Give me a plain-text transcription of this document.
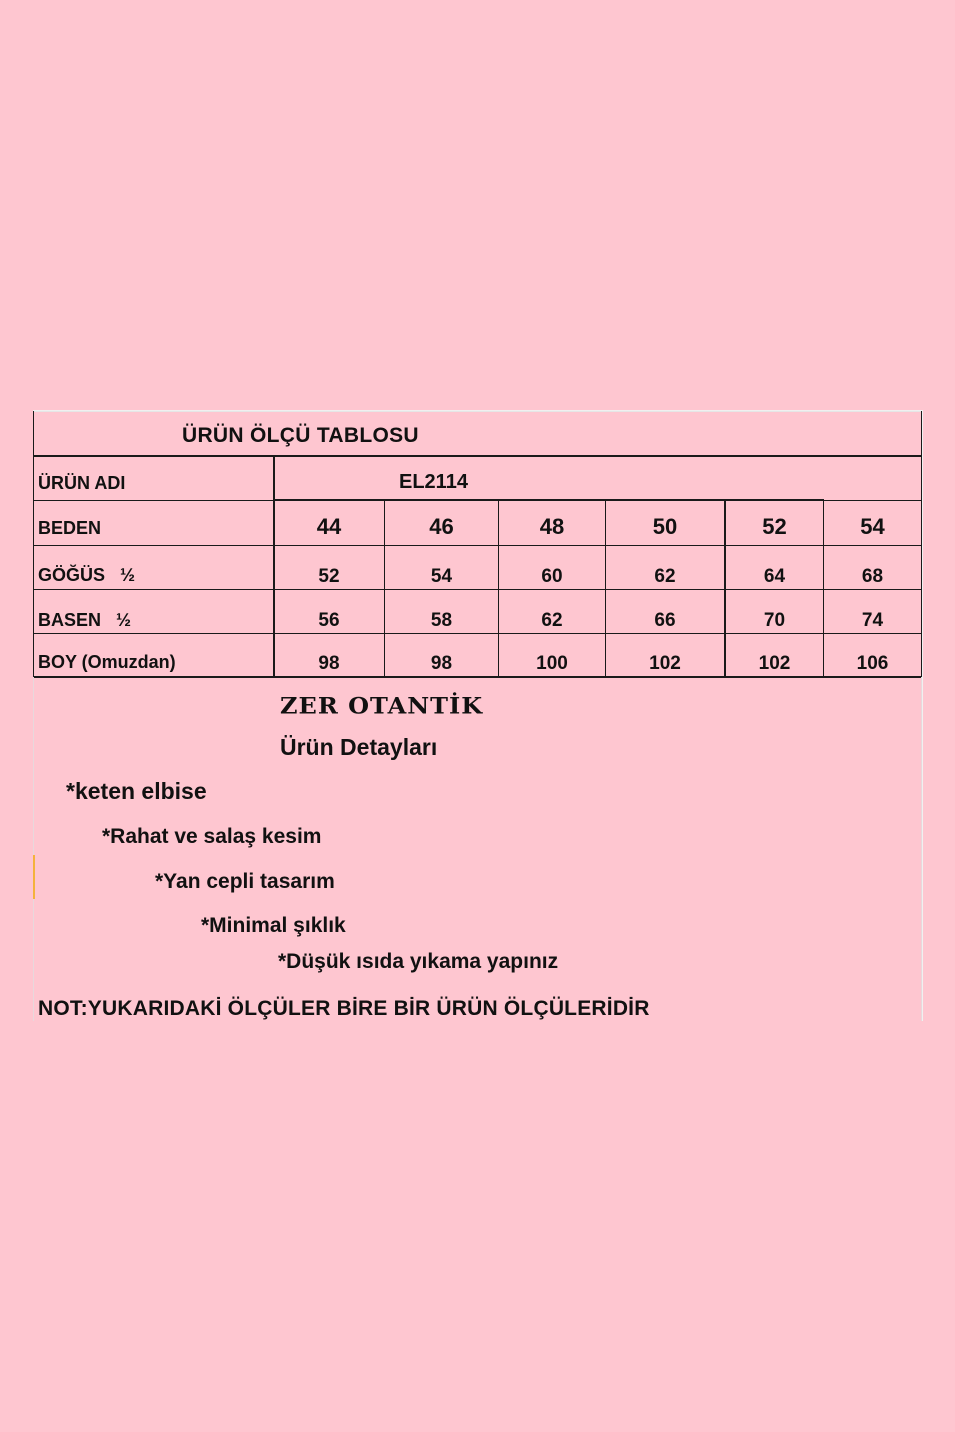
ÜRÜN ÖLÇÜ TABLOSU
ÜRÜN ADI	EL2114
BEDEN	44	46	48	50	52	54
GÖĞÜS   ½	52	54	60	62	64	68
BASEN   ½	56	58	62	66	70	74
BOY (Omuzdan)	98	98	100	102	102	106
ZER OTANTİK
Ürün Detayları
*keten elbise
*Rahat ve salaş kesim
*Yan cepli tasarım
*Minimal şıklık
*Düşük ısıda yıkama yapınız
NOT:YUKARIDAKİ ÖLÇÜLER BİRE BİR ÜRÜN ÖLÇÜLERİDİR
